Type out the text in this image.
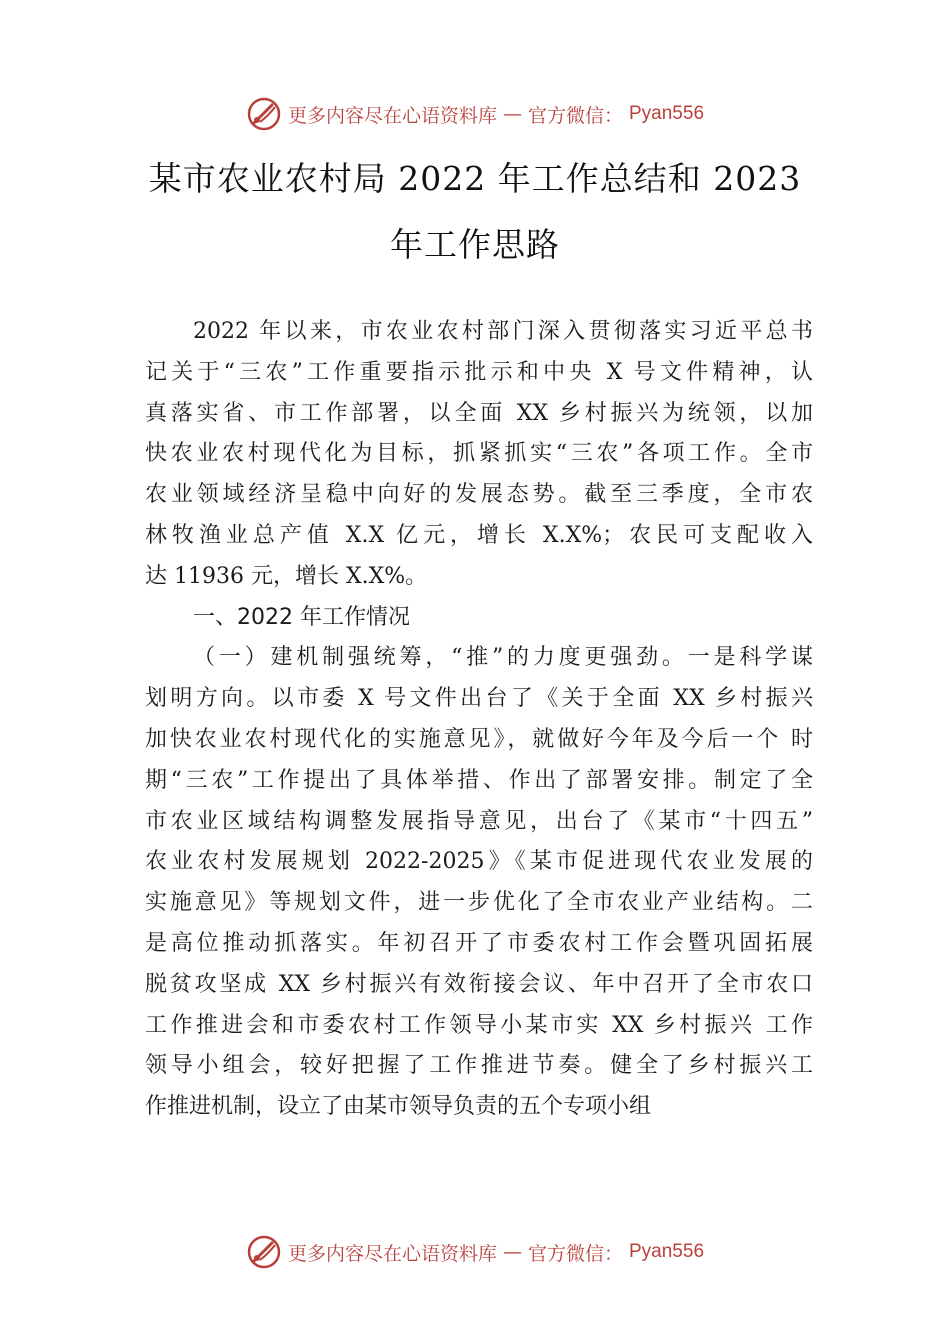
更多内容尽在心语资料库 — 官方微信： Pyan556
某市农业农村局 2022 年工作总结和 2023
年工作思路
2022 年以来，市农业农村部门深入贯彻落实习近平总书
记关于“三农”工作重要指示批示和中央 X 号文件精神，认
真落实省、市工作部署，以全面 XX 乡村振兴为统领，以加
快农业农村现代化为目标，抓紧抓实“三农”各项工作。全市
农业领域经济呈稳中向好的发展态势。截至三季度，全市农
林牧渔业总产值 X.X 亿元，增长 X.X%；农民可支配收入
达 11936 元，增长 X.X%。
一、2022 年工作情况
（一）建机制强统筹，“推”的力度更强劲。一是科学谋
划明方向。以市委 X 号文件出台了《关于全面 XX 乡村振兴
加快农业农村现代化的实施意见》，就做好今年及今后一个 时
期“三农”工作提出了具体举措、作出了部署安排。制定了全
市农业区域结构调整发展指导意见，出台了《某市“十四五”
农业农村发展规划 2022-2025》《某市促进现代农业发展的
实施意见》等规划文件，进一步优化了全市农业产业结构。二
是高位推动抓落实。年初召开了市委农村工作会暨巩固拓展
脱贫攻坚成 XX 乡村振兴有效衔接会议、年中召开了全市农口
工作推进会和市委农村工作领导小某市实 XX 乡村振兴 工作
领导小组会，较好把握了工作推进节奏。健全了乡村振兴工
作推进机制，设立了由某市领导负责的五个专项小组
更多内容尽在心语资料库 — 官方微信： Pyan556
